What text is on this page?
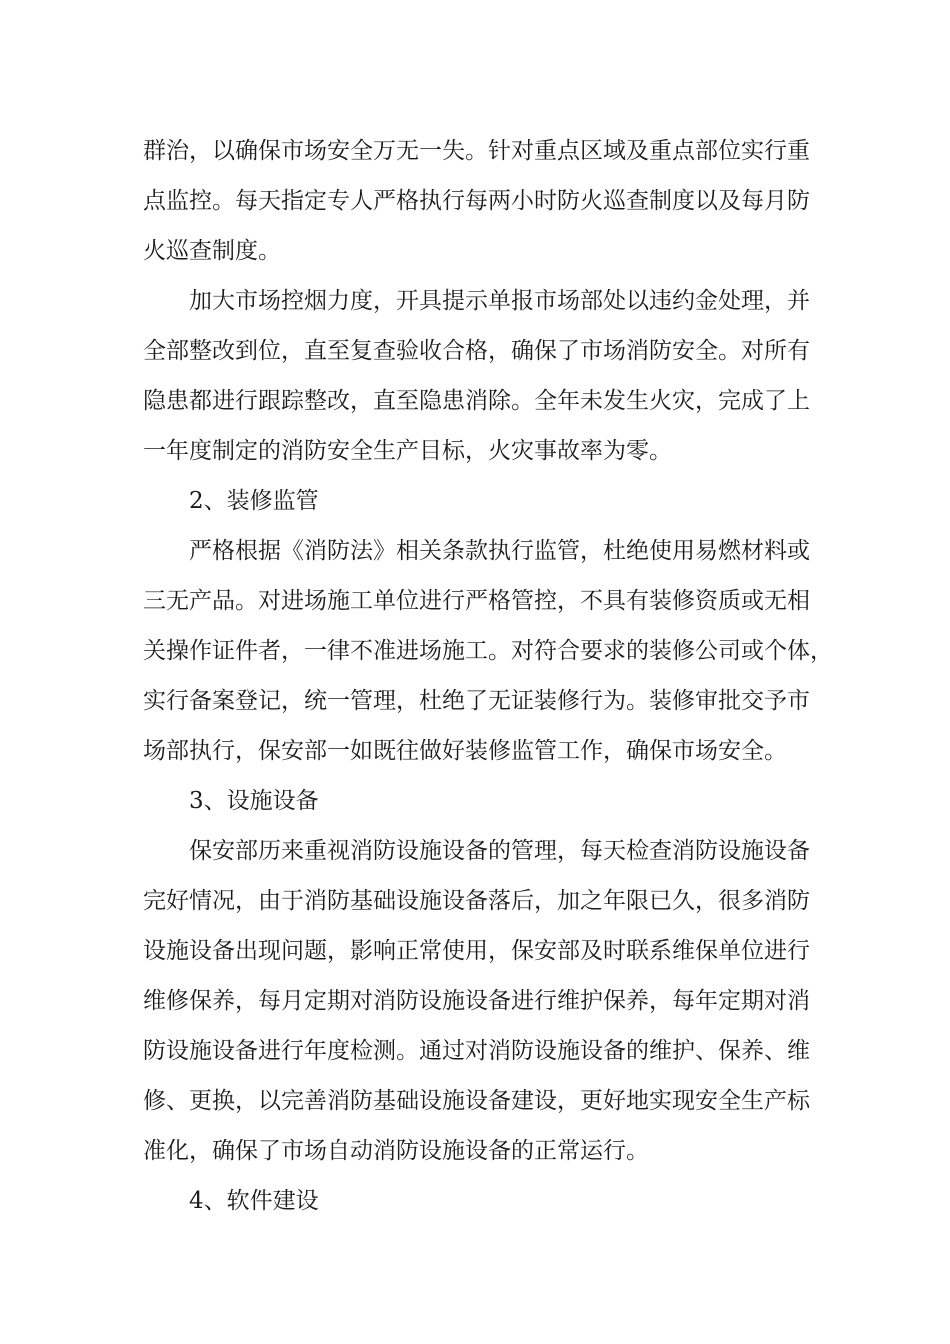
群治，以确保市场安全万无一失。针对重点区域及重点部位实行重
点监控。每天指定专人严格执行每两小时防火巡查制度以及每月防
火巡查制度。
加大市场控烟力度，开具提示单报市场部处以违约金处理，并
全部整改到位，直至复查验收合格，确保了市场消防安全。对所有
隐患都进行跟踪整改，直至隐患消除。全年未发生火灾，完成了上
一年度制定的消防安全生产目标，火灾事故率为零。
2、装修监管
严格根据《消防法》相关条款执行监管，杜绝使用易燃材料或
三无产品。对进场施工单位进行严格管控，不具有装修资质或无相
关操作证件者，一律不准进场施工。对符合要求的装修公司或个体，
实行备案登记，统一管理，杜绝了无证装修行为。装修审批交予市
场部执行，保安部一如既往做好装修监管工作，确保市场安全。
3、设施设备
保安部历来重视消防设施设备的管理，每天检查消防设施设备
完好情况，由于消防基础设施设备落后，加之年限已久，很多消防
设施设备出现问题，影响正常使用，保安部及时联系维保单位进行
维修保养，每月定期对消防设施设备进行维护保养，每年定期对消
防设施设备进行年度检测。通过对消防设施设备的维护、保养、维
修、更换，以完善消防基础设施设备建设，更好地实现安全生产标
准化，确保了市场自动消防设施设备的正常运行。
4、软件建设
